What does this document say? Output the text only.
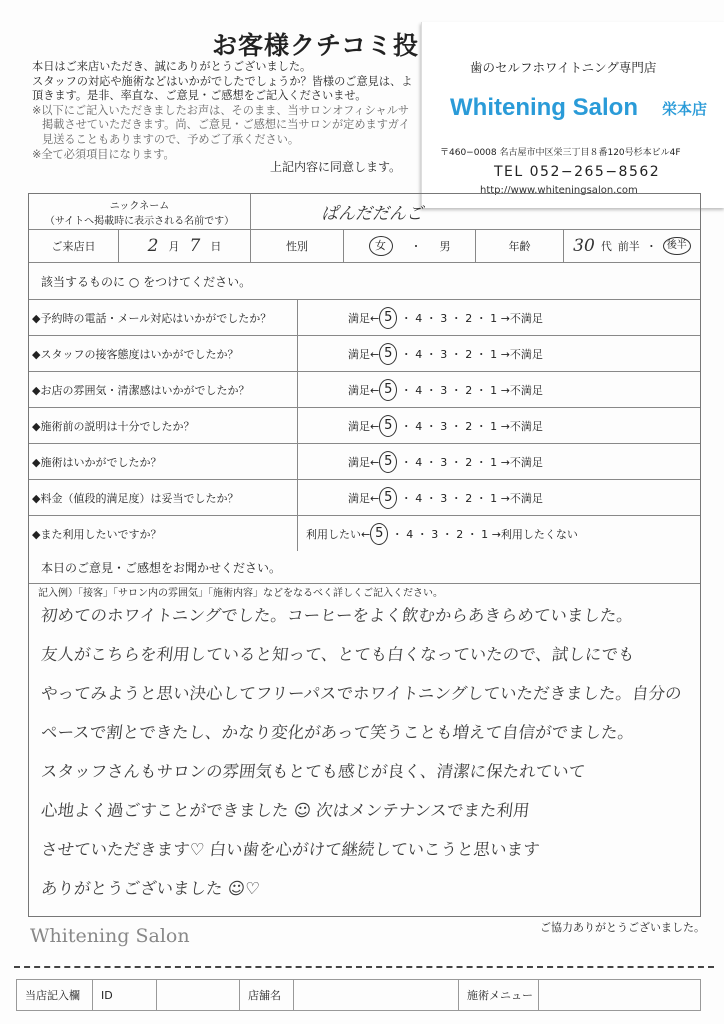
お客様クチコミ投
本日はご来店いただき、誠にありがとうございました。
スタッフの対応や施術などはいかがでしたでしょうか？皆様のご意見は、よ
頂きます。是非、率直な、ご意見・ご感想をご記入くださいませ。
※以下にご記入いただきましたお声は、そのまま、当サロンオフィシャルサ
掲載させていただきます。尚、ご意見・ご感想に当サロンが定めますガイ
見送ることもありますので、予めご了承ください。
※全て必須項目になります。
上記内容に同意します。
歯のセルフホワイトニング専門店
Whitening Salon 栄本店
〒460−0008 名古屋市中区栄三丁目８番120号杉本ビル4F
TEL 052−265−8562
http://www.whiteningsalon.com
ニックネーム
（サイトへ掲載時に表示される名前です）	ぱんだだんご
ご来店日	2 月 7 日	性別	女	・ 男	年齢	30 代 前半 ・	後半
該当するものに ○ をつけてください。
◆予約時の電話・メール対応はいかがでしたか？	満足← 5 ・ 4 ・ 3 ・ 2 ・ 1 →不満足
◆スタッフの接客態度はいかがでしたか？	満足← 5 ・ 4 ・ 3 ・ 2 ・ 1 →不満足
◆お店の雰囲気・清潔感はいかがでしたか？	満足← 5 ・ 4 ・ 3 ・ 2 ・ 1 →不満足
◆施術前の説明は十分でしたか？	満足← 5 ・ 4 ・ 3 ・ 2 ・ 1 →不満足
◆施術はいかがでしたか？	満足← 5 ・ 4 ・ 3 ・ 2 ・ 1 →不満足
◆料金（値段的満足度）は妥当でしたか？	満足← 5 ・ 4 ・ 3 ・ 2 ・ 1 →不満足
◆また利用したいですか？	利用したい← 5 ・ 4 ・ 3 ・ 2 ・ 1 →利用したくない
本日のご意見・ご感想をお聞かせください。
記入例）「接客」「サロン内の雰囲気」「施術内容」などをなるべく詳しくご記入ください。
初めてのホワイトニングでした。コーヒーをよく飲むからあきらめていました。
友人がこちらを利用していると知って、とても白くなっていたので、試しにでも
やってみようと思い決心してフリーパスでホワイトニングしていただきました。自分の
ペースで割とできたし、かなり変化があって笑うことも増えて自信がでました。
スタッフさんもサロンの雰囲気もとても感じが良く、清潔に保たれていて
心地よく過ごすことができました ☺ 次はメンテナンスでまた利用
させていただきます♡ 白い歯を心がけて継続していこうと思います
ありがとうございました ☺♡
Whitening Salon	ご協力ありがとうございました。
当店記入欄	ID	店舗名	施術メニュー
